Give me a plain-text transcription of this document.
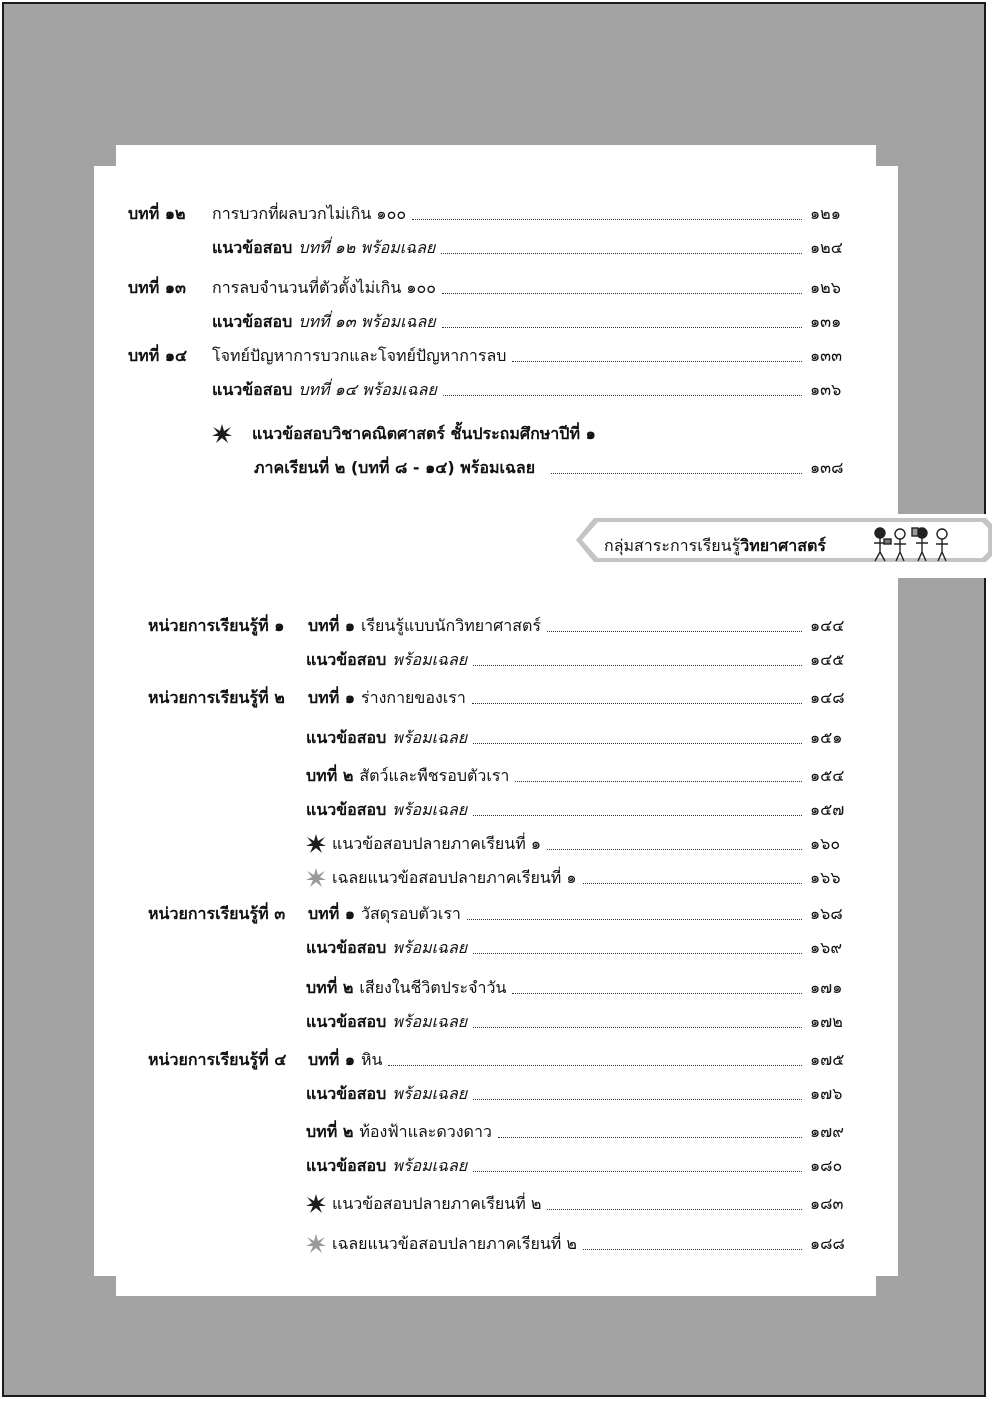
บทที่ ๑๒	การบวกที่ผลบวกไม่เกิน ๑๐๐	๑๒๑
แนวข้อสอบ บทที่ ๑๒ พร้อมเฉลย	๑๒๔
บทที่ ๑๓	การลบจำนวนที่ตัวตั้งไม่เกิน ๑๐๐	๑๒๖
แนวข้อสอบ บทที่ ๑๓ พร้อมเฉลย	๑๓๑
บทที่ ๑๔	โจทย์ปัญหาการบวกและโจทย์ปัญหาการลบ	๑๓๓
แนวข้อสอบ บทที่ ๑๔ พร้อมเฉลย	๑๓๖
แนวข้อสอบวิชาคณิตศาสตร์ ชั้นประถมศึกษาปีที่ ๑
ภาคเรียนที่ ๒ (บทที่ ๘ - ๑๔) พร้อมเฉลย	๑๓๘
กลุ่มสาระการเรียนรู้วิทยาศาสตร์
หน่วยการเรียนรู้ที่ ๑	บทที่ ๑ เรียนรู้แบบนักวิทยาศาสตร์	๑๔๔
แนวข้อสอบ พร้อมเฉลย	๑๔๕
หน่วยการเรียนรู้ที่ ๒	บทที่ ๑ ร่างกายของเรา	๑๔๘
แนวข้อสอบ พร้อมเฉลย	๑๕๑
บทที่ ๒ สัตว์และพืชรอบตัวเรา	๑๕๔
แนวข้อสอบ พร้อมเฉลย	๑๕๗
แนวข้อสอบปลายภาคเรียนที่ ๑	๑๖๐
เฉลยแนวข้อสอบปลายภาคเรียนที่ ๑	๑๖๖
หน่วยการเรียนรู้ที่ ๓	บทที่ ๑ วัสดุรอบตัวเรา	๑๖๘
แนวข้อสอบ พร้อมเฉลย	๑๖๙
บทที่ ๒ เสียงในชีวิตประจำวัน	๑๗๑
แนวข้อสอบ พร้อมเฉลย	๑๗๒
หน่วยการเรียนรู้ที่ ๔	บทที่ ๑ หิน	๑๗๕
แนวข้อสอบ พร้อมเฉลย	๑๗๖
บทที่ ๒ ท้องฟ้าและดวงดาว	๑๗๙
แนวข้อสอบ พร้อมเฉลย	๑๘๐
แนวข้อสอบปลายภาคเรียนที่ ๒	๑๘๓
เฉลยแนวข้อสอบปลายภาคเรียนที่ ๒	๑๘๘
